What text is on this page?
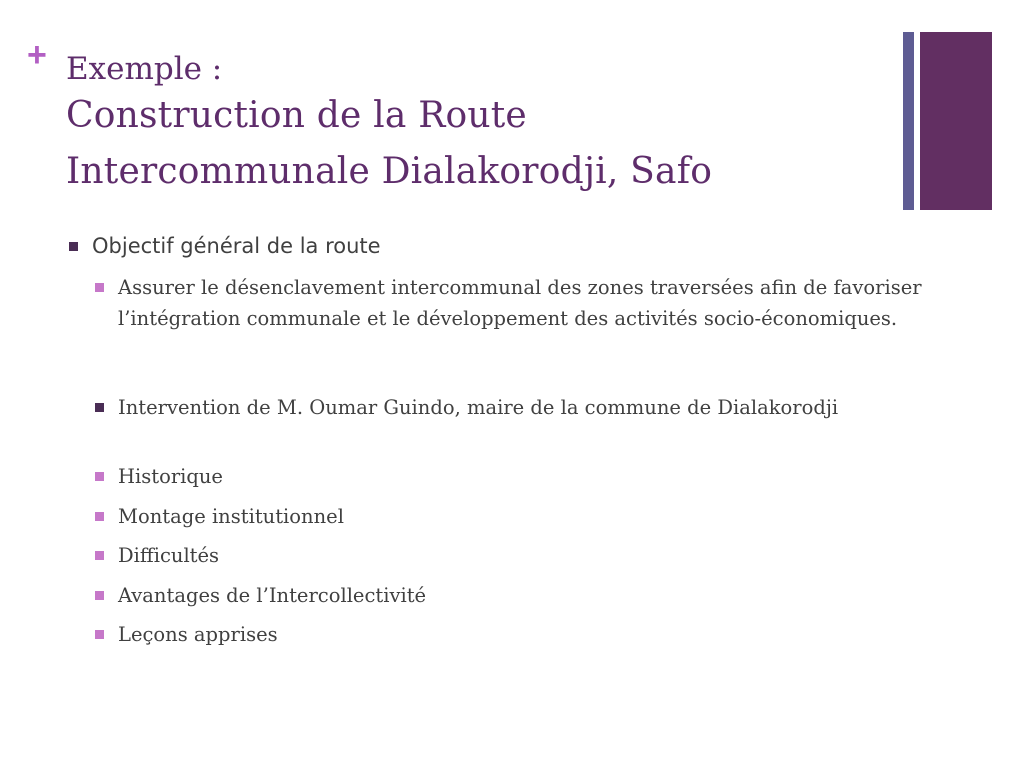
+ Exemple :
Construction de la Route
Intercommunale Dialakorodji, Safo
Objectif général de la route
Assurer le désenclavement intercommunal des zones traversées afin de favoriser l’intégration communale et le développement des activités socio-économiques.
Intervention de M. Oumar Guindo, maire de la commune de Dialakorodji
Historique
Montage institutionnel
Difficultés
Avantages de l’Intercollectivité
Leçons apprises
